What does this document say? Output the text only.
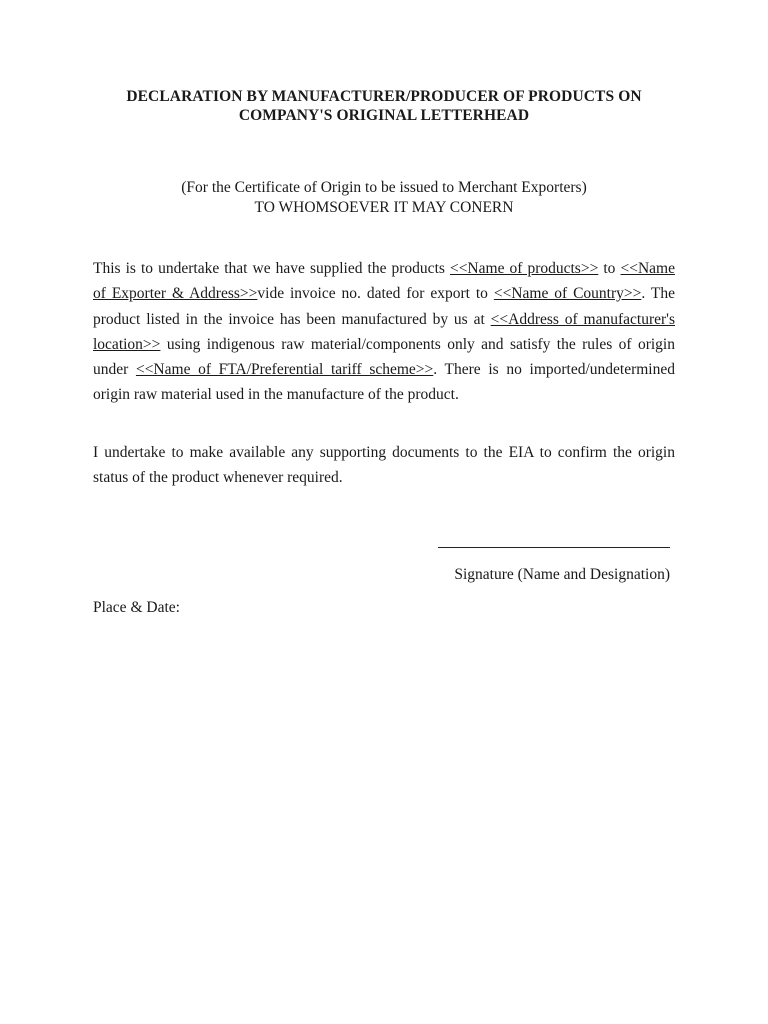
DECLARATION BY MANUFACTURER/PRODUCER OF PRODUCTS ON
COMPANY'S ORIGINAL LETTERHEAD
(For the Certificate of Origin to be issued to Merchant Exporters)
TO WHOMSOEVER IT MAY CONERN

This is to undertake that we have supplied the products <<Name of products>> to <<Name of Exporter & Address>>vide invoice no. dated for export to <<Name of Country>>. The product listed in the invoice has been manufactured by us at <<Address of manufacturer's location>> using indigenous raw material/components only and satisfy the rules of origin under <<Name of FTA/Preferential tariff scheme>>. There is no imported/undetermined origin raw material used in the manufacture of the product.

I undertake to make available any supporting documents to the EIA to confirm the origin status of the product whenever required.

Signature (Name and Designation)
Place & Date:
